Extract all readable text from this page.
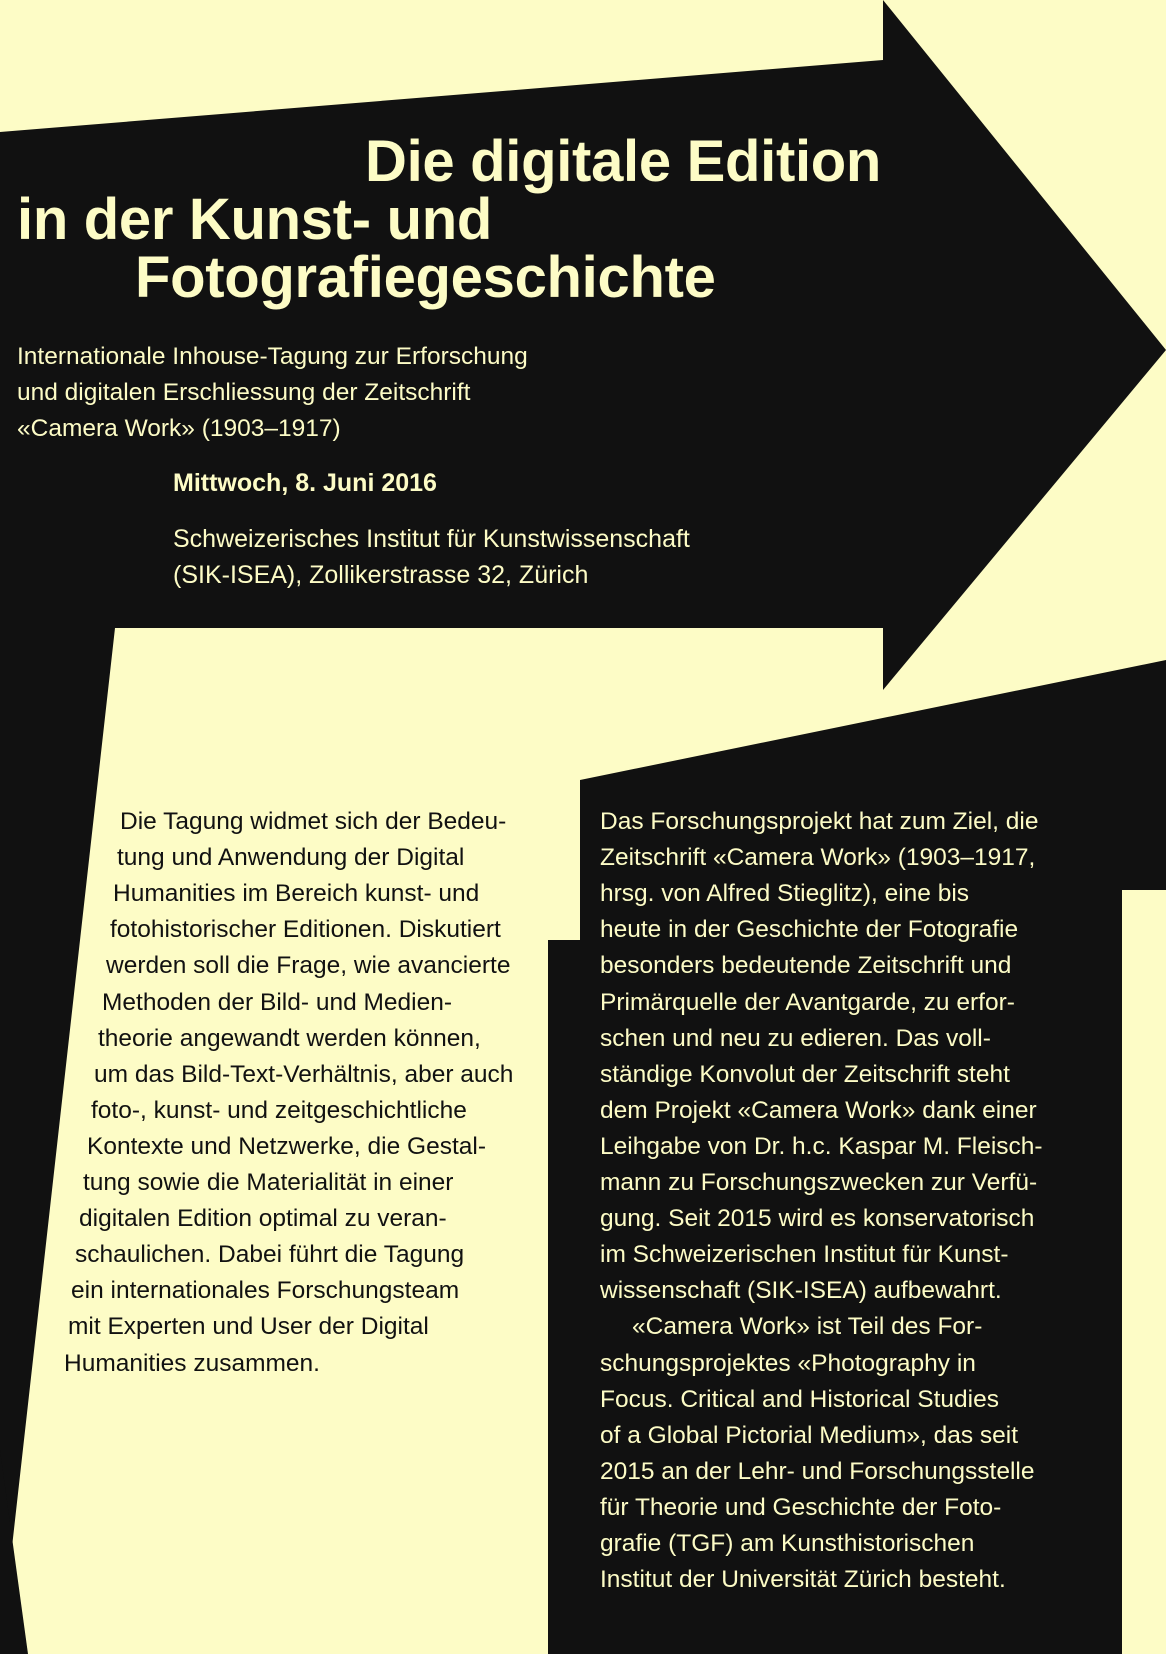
Die digitale Edition
in der Kunst- und
Fotografiegeschichte
Internationale Inhouse-Tagung zur Erforschung
und digitalen Erschliessung der Zeitschrift
«Camera Work» (1903–1917)
Mittwoch, 8. Juni 2016
Schweizerisches Institut für Kunstwissenschaft
(SIK-ISEA), Zollikerstrasse 32, Zürich

Die Tagung widmet sich der Bedeu-

tung und Anwendung der Digital

Humanities im Bereich kunst- und

fotohistorischer Editionen. Diskutiert

werden soll die Frage, wie avancierte

Methoden der Bild- und Medien-

theorie angewandt werden können,

um das Bild-Text-Verhältnis, aber auch

foto-, kunst- und zeitgeschichtliche

Kontexte und Netzwerke, die Gestal-

tung sowie die Materialität in einer

digitalen Edition optimal zu veran-

schaulichen. Dabei führt die Tagung

ein internationales Forschungsteam

mit Experten und User der Digital

Humanities zusammen.

Das Forschungsprojekt hat zum Ziel, die

Zeitschrift «Camera Work» (1903–1917,

hrsg. von Alfred Stieglitz), eine bis

heute in der Geschichte der Fotografie

besonders bedeutende Zeitschrift und

Primärquelle der Avantgarde, zu erfor-

schen und neu zu edieren. Das voll-

ständige Konvolut der Zeitschrift steht

dem Projekt «Camera Work» dank einer

Leihgabe von Dr. h.c. Kaspar M. Fleisch-

mann zu Forschungszwecken zur Verfü-

gung. Seit 2015 wird es konservatorisch

im Schweizerischen Institut für Kunst-

wissenschaft (SIK-ISEA) aufbewahrt.

«Camera Work» ist Teil des For-

schungsprojektes «Photography in

Focus. Critical and Historical Studies

of a Global Pictorial Medium», das seit

2015 an der Lehr- und Forschungsstelle

für Theorie und Geschichte der Foto-

grafie (TGF) am Kunsthistorischen

Institut der Universität Zürich besteht.
